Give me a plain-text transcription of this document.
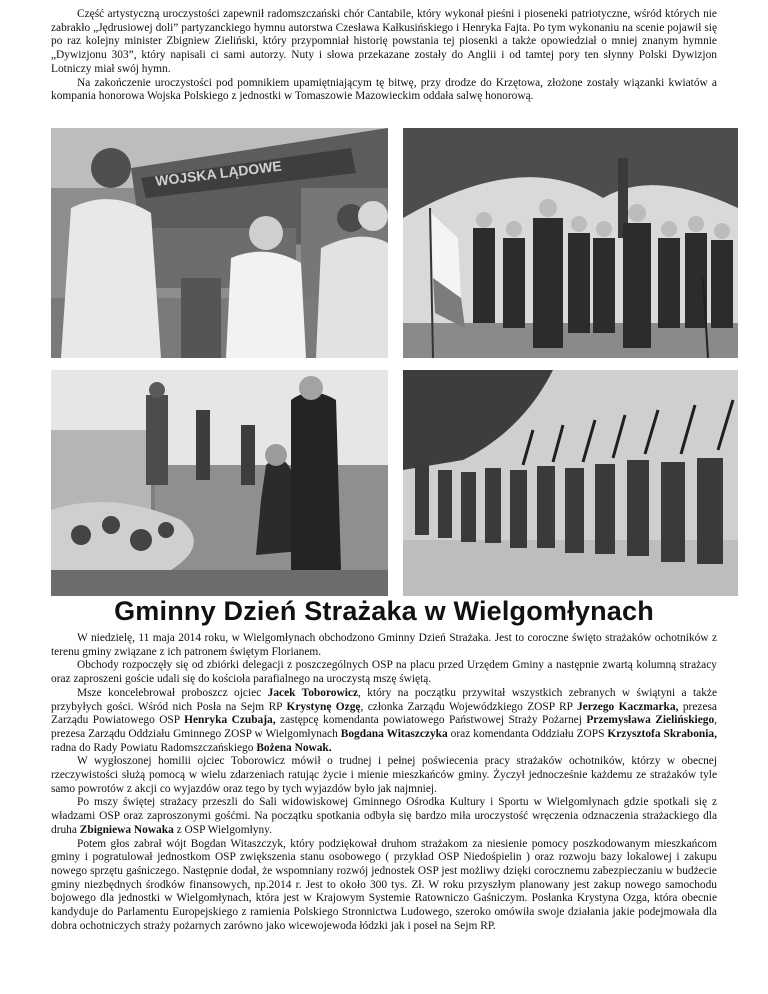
Część artystyczną uroczystości zapewnił radomszczański chór Cantabile, który wykonał pieśni i pioseneki patriotyczne, wśród których nie zabrakło „Jędrusiowej doli” partyzanckiego hymnu autorstwa Czesława Kałkusińskiego i Henryka Fajta. Po tym wykonaniu na scenie pojawił się po raz kolejny minister Zbigniew Zieliński, który przypomniał historię powstania tej piosenki a także opowiedział o mniej znanym hymnie „Dywizjonu 303”, który napisali ci sami autorzy. Nuty i słowa przekazane zostały do Anglii i od tamtej pory ten słynny Polski Dywizjon Lotniczy miał swój hymn.

Na zakończenie uroczystości pod pomnikiem upamiętniającym tę bitwę, przy drodze do Krzętowa, złożone zostały wiązanki kwiatów a kompania honorowa Wojska Polskiego z jednostki w Tomaszowie Mazowieckim oddała salwę honorową.

WOJSKA LĄDOWE
Gminny Dzień Strażaka w Wielgomłynach

W niedzielę, 11 maja 2014 roku, w Wielgomłynach obchodzono Gminny Dzień Strażaka. Jest to coroczne święto strażaków ochotników z terenu gminy związane z ich patronem świętym Florianem.

Obchody rozpoczęły się od zbiórki delegacji z poszczególnych OSP na placu przed Urzędem Gminy a następnie zwartą kolumną strażacy oraz zaproszeni goście udali się do kościoła parafialnego na uroczystą mszę świętą.

Msze koncelebrował proboszcz ojciec Jacek Toborowicz, który na początku przywitał wszystkich zebranych w świątyni a także przybyłych gości. Wśród nich Posła na Sejm RP Krystynę Ozgę, członka Zarządu Wojewódzkiego ZOSP RP Jerzego Kaczmarka, prezesa Zarządu Powiatowego OSP Henryka Czubaja, zastępcę komendanta powiatowego Państwowej Straży Pożarnej Przemysława Zielińskiego, prezesa Zarządu Oddziału Gminnego ZOSP w Wielgomłynach Bogdana Witaszczyka oraz komendanta Oddziału ZOPS Krzysztofa Skrabonia, radna do Rady Powiatu Radomszczańskiego Bożena Nowak.

W wygłoszonej homilii ojciec Toborowicz mówił o trudnej i pełnej poświecenia pracy strażaków ochotników, którzy w obecnej rzeczywistości służą pomocą w wielu zdarzeniach ratując życie i mienie mieszkańców gminy. Życzył jednocześnie każdemu ze strażaków tyle samo powrotów z akcji co wyjazdów oraz tego by tych wyjazdów było jak najmniej.

Po mszy świętej strażacy przeszli do Sali widowiskowej Gminnego Ośrodka Kultury i Sportu w Wielgomłynach gdzie spotkali się z władzami OSP oraz zaproszonymi gośćmi. Na początku spotkania odbyła się bardzo miła uroczystość wręczenia odznaczenia strażackiego dla druha Zbigniewa Nowaka z OSP Wielgomłyny.

Potem głos zabrał wójt Bogdan Witaszczyk, który podziękował druhom strażakom za niesienie pomocy poszkodowanym mieszkańcom gminy i pogratulował jednostkom OSP zwiększenia stanu osobowego ( przykład OSP Niedośpielin ) oraz rozwoju bazy lokalowej i zakupu nowego sprzętu gaśniczego. Następnie dodał, że wspomniany rozwój jednostek OSP jest możliwy dzięki corocznemu zabezpieczaniu w budżecie gminy niezbędnych środków finansowych, np.2014 r. Jest to około 300 tys. Zł. W roku przyszłym planowany jest zakup nowego samochodu bojowego dla jednostki w Wielgomłynach, która jest w Krajowym Systemie Ratowniczo Gaśniczym. Posłanka Krystyna Ozga, która obecnie kandyduje do Parlamentu Europejskiego z ramienia Polskiego Stronnictwa Ludowego, szeroko omówiła swoje działania jakie podejmowała dla dobra ochotniczych straży pożarnych zarówno jako wicewojewoda łódzki jak i poseł na Sejm RP.
